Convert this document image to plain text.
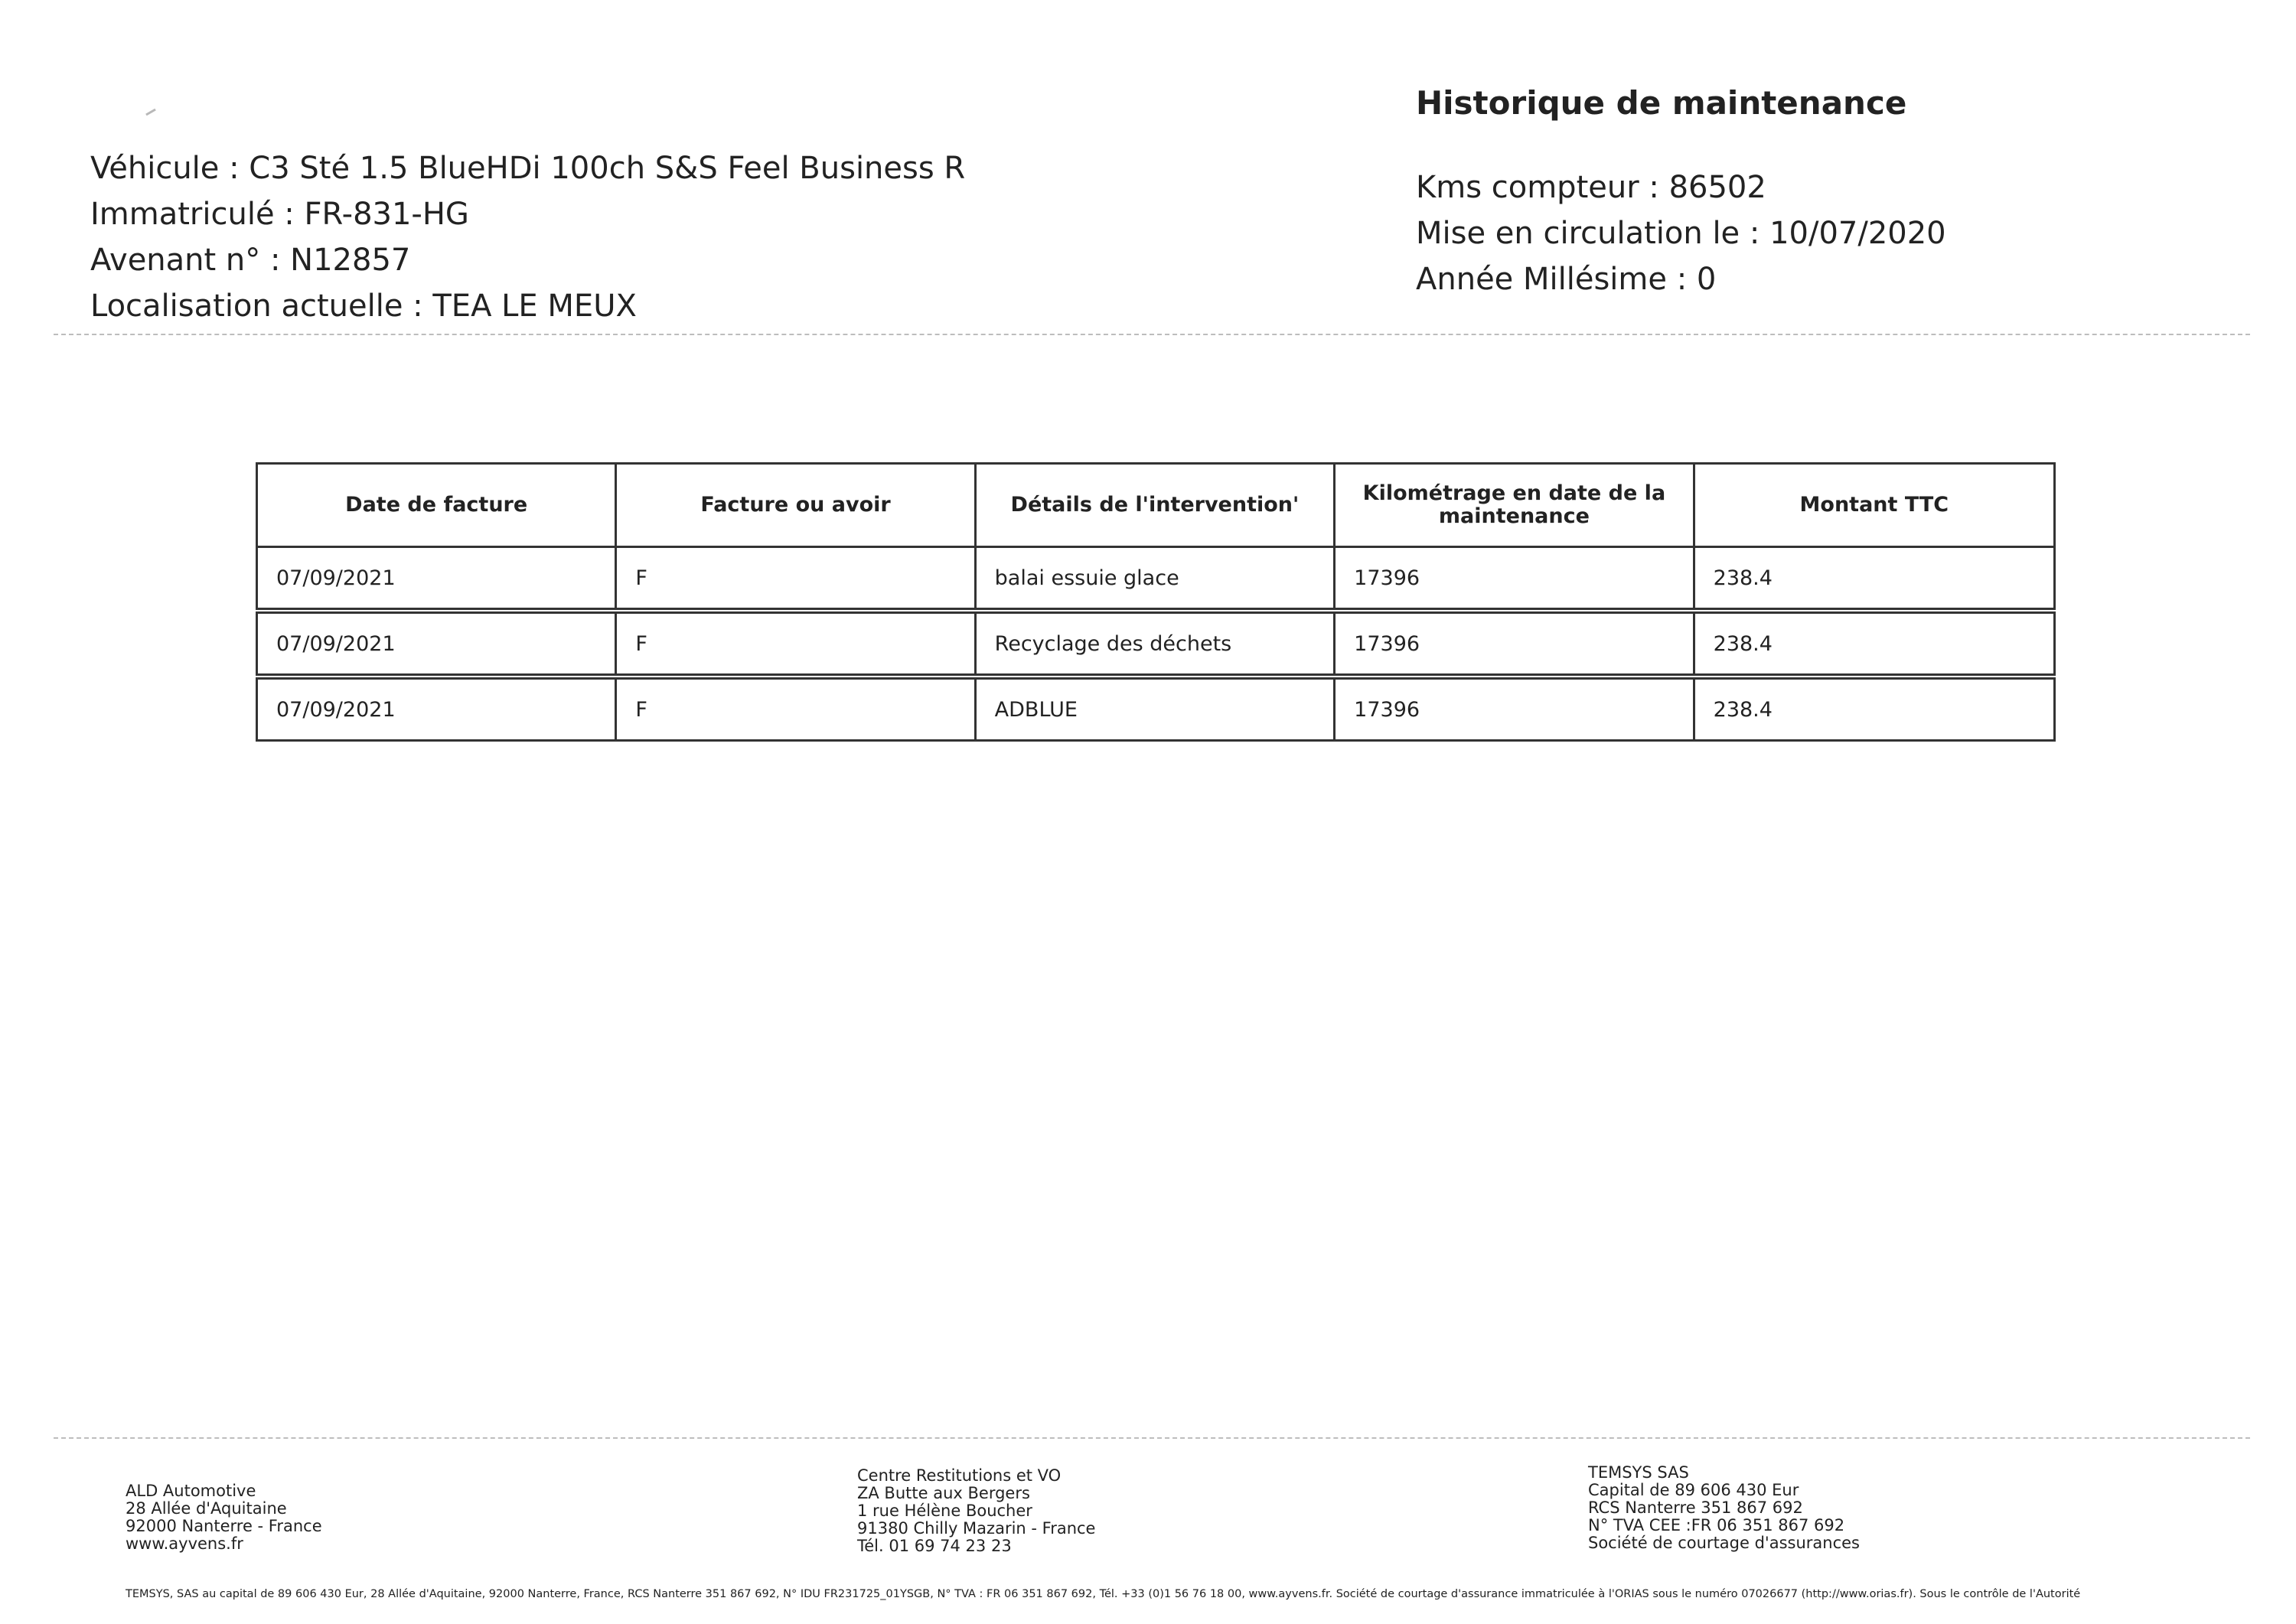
Véhicule : C3 Sté 1.5 BlueHDi 100ch S&S Feel Business R
Immatriculé : FR-831-HG
Avenant n° : N12857
Localisation actuelle : TEA LE MEUX
Historique de maintenance
Kms compteur : 86502
Mise en circulation le : 10/07/2020
Année Millésime : 0
Date de facture	Facture ou avoir	Détails de l'intervention'	Kilométrage en date de la maintenance	Montant TTC
07/09/2021	F	balai essuie glace	17396	238.4
07/09/2021	F	Recyclage des déchets	17396	238.4
07/09/2021	F	ADBLUE	17396	238.4
ALD Automotive
28 Allée d'Aquitaine
92000 Nanterre - France
www.ayvens.fr
Centre Restitutions et VO
ZA Butte aux Bergers
1 rue Hélène Boucher
91380 Chilly Mazarin - France
Tél. 01 69 74 23 23
TEMSYS SAS
Capital de 89 606 430 Eur
RCS Nanterre 351 867 692
N° TVA CEE :FR 06 351 867 692
Société de courtage d'assurances
TEMSYS, SAS au capital de 89 606 430 Eur, 28 Allée d'Aquitaine, 92000 Nanterre, France, RCS Nanterre 351 867 692, N° IDU FR231725_01YSGB, N° TVA : FR 06 351 867 692, Tél. +33 (0)1 56 76 18 00, www.ayvens.fr. Société de courtage d'assurance immatriculée à l'ORIAS sous le numéro 07026677 (http://www.orias.fr). Sous le contrôle de l'Autorité
